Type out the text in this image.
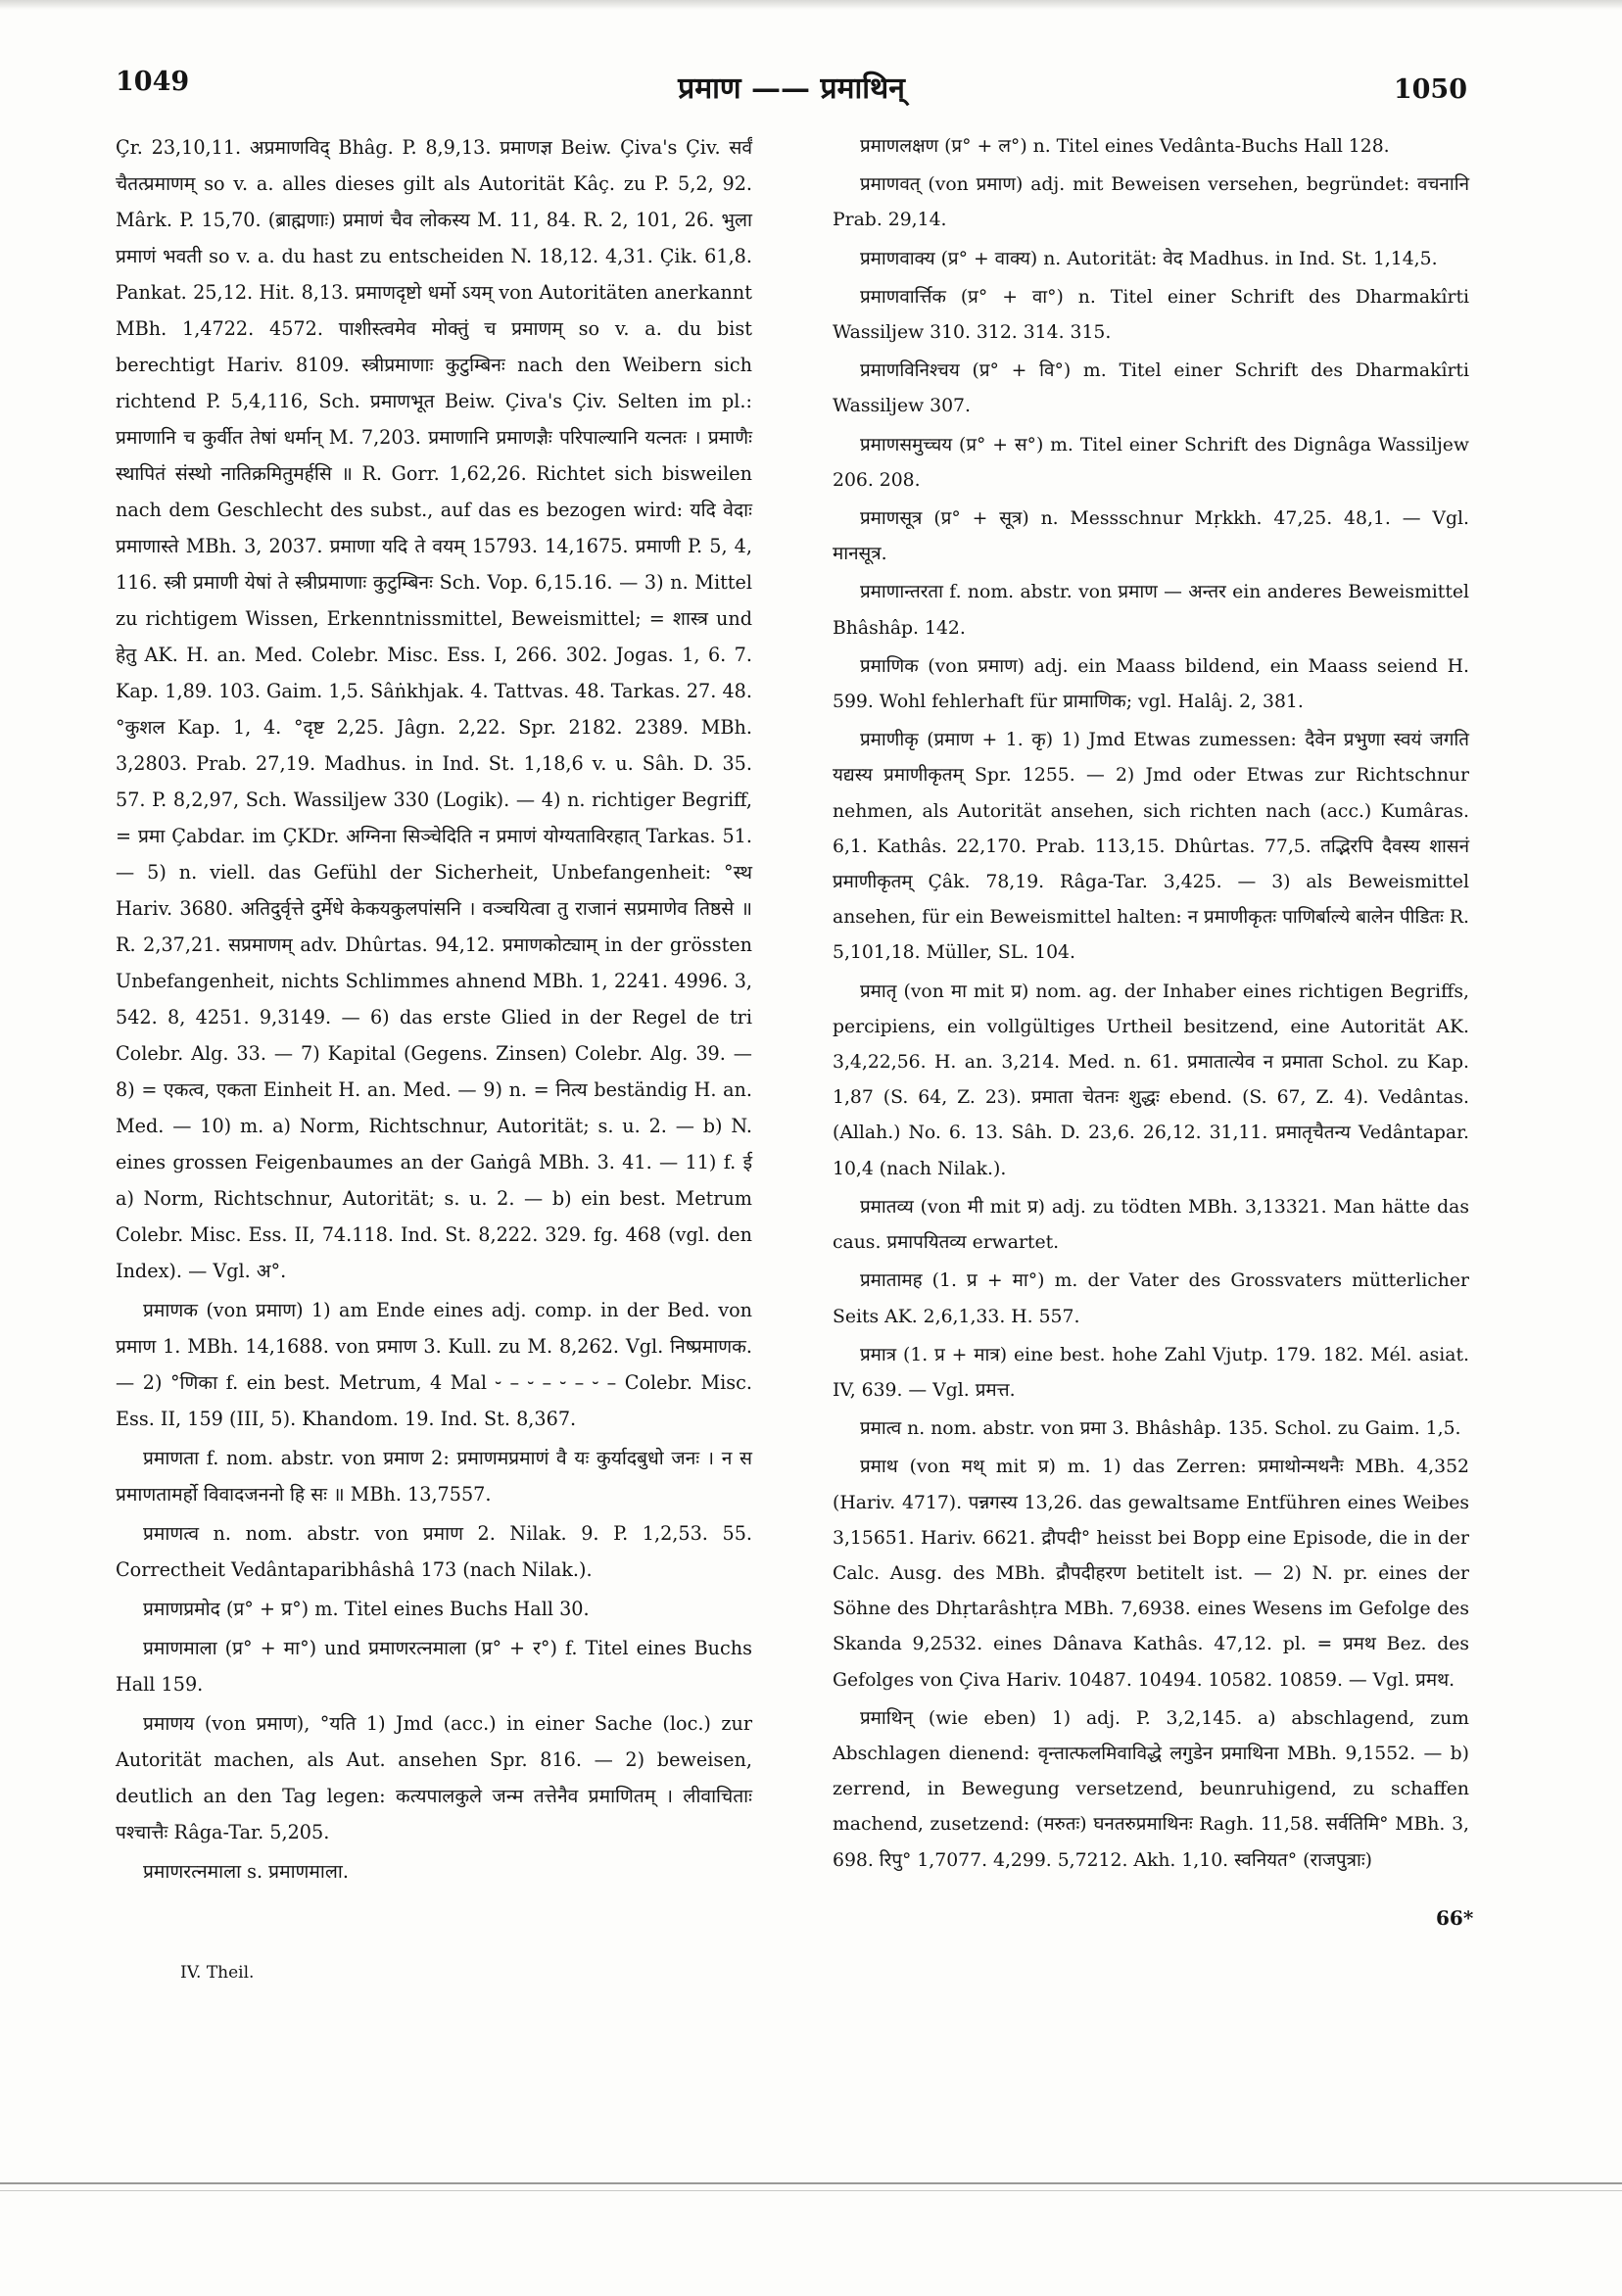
1049	प्रमाण —— प्रमाथिन्	1050

Çr. 23,10,11. अप्रमाणविद् Bhâg. P. 8,9,13. प्रमाणज्ञ Beiw. Çiva's Çiv. सर्वं चैतत्प्रमाणम् so v. a. alles dieses gilt als Autorität Kâç. zu P. 5,2, 92. Mârk. P. 15,70. (ब्राह्मणाः) प्रमाणं चैव लोकस्य M. 11, 84. R. 2, 101, 26. भुला प्रमाणं भवती so v. a. du hast zu entscheiden N. 18,12. 4,31. Çik. 61,8. Pankat. 25,12. Hit. 8,13. प्रमाणदृष्टो धर्मो ऽयम् von Autoritäten anerkannt MBh. 1,4722. 4572. पाशीस्त्वमेव मोक्तुं च प्रमाणम् so v. a. du bist berechtigt Hariv. 8109. स्त्रीप्रमाणाः कुटुम्बिनः nach den Weibern sich richtend P. 5,4,116, Sch. प्रमाणभूत Beiw. Çiva's Çiv. Selten im pl.: प्रमाणानि च कुर्वीत तेषां धर्मान् M. 7,203. प्रमाणानि प्रमाणज्ञैः परिपाल्यानि यत्नतः । प्रमाणैः स्थापितं संस्थो नातिक्रमितुमर्हसि ॥ R. Gorr. 1,62,26. Richtet sich bisweilen nach dem Geschlecht des subst., auf das es bezogen wird: यदि वेदाः प्रमाणास्ते MBh. 3, 2037. प्रमाणा यदि ते वयम् 15793. 14,1675. प्रमाणी P. 5, 4, 116. स्त्री प्रमाणी येषां ते स्त्रीप्रमाणाः कुटुम्बिनः Sch. Vop. 6,15.16. — 3) n. Mittel zu richtigem Wissen, Erkenntnissmittel, Beweismittel; = शास्त्र und हेतु AK. H. an. Med. Colebr. Misc. Ess. I, 266. 302. Jogas. 1, 6. 7. Kap. 1,89. 103. Gaim. 1,5. Sâṅkhjak. 4. Tattvas. 48. Tarkas. 27. 48. °कुशल Kap. 1, 4. °दृष्ट 2,25. Jâgn. 2,22. Spr. 2182. 2389. MBh. 3,2803. Prab. 27,19. Madhus. in Ind. St. 1,18,6 v. u. Sâh. D. 35. 57. P. 8,2,97, Sch. Wassiljew 330 (Logik). — 4) n. richtiger Begriff, = प्रमा Çabdar. im ÇKDr. अग्निना सिञ्चेदिति न प्रमाणं योग्यताविरहात् Tarkas. 51. — 5) n. viell. das Gefühl der Sicherheit, Unbefangenheit: °स्थ Hariv. 3680. अतिदुर्वृत्ते दुर्मेधे केकयकुलपांसनि । वञ्चयित्वा तु राजानं सप्रमाणेव तिष्ठसे ॥ R. 2,37,21. सप्रमाणम् adv. Dhûrtas. 94,12. प्रमाणकोट्याम् in der grössten Unbefangenheit, nichts Schlimmes ahnend MBh. 1, 2241. 4996. 3, 542. 8, 4251. 9,3149. — 6) das erste Glied in der Regel de tri Colebr. Alg. 33. — 7) Kapital (Gegens. Zinsen) Colebr. Alg. 39. — 8) = एकत्व, एकता Einheit H. an. Med. — 9) n. = नित्य beständig H. an. Med. — 10) m. a) Norm, Richtschnur, Autorität; s. u. 2. — b) N. eines grossen Feigenbaumes an der Gaṅgâ MBh. 3. 41. — 11) f. ई a) Norm, Richtschnur, Autorität; s. u. 2. — b) ein best. Metrum Colebr. Misc. Ess. II, 74.118. Ind. St. 8,222. 329. fg. 468 (vgl. den Index). — Vgl. अ°.

प्रमाणक (von प्रमाण) 1) am Ende eines adj. comp. in der Bed. von प्रमाण 1. MBh. 14,1688. von प्रमाण 3. Kull. zu M. 8,262. Vgl. निष्प्रमाणक. — 2) °णिका f. ein best. Metrum, 4 Mal ⏑ – ⏑ – ⏑ – ⏑ – Colebr. Misc. Ess. II, 159 (III, 5). Khandom. 19. Ind. St. 8,367.

प्रमाणता f. nom. abstr. von प्रमाण 2: प्रमाणमप्रमाणं वै यः कुर्यादबुधो जनः । न स प्रमाणतामर्हो विवादजननो हि सः ॥ MBh. 13,7557.

प्रमाणत्व n. nom. abstr. von प्रमाण 2. Nilak. 9. P. 1,2,53. 55. Correctheit Vedântaparibhâshâ 173 (nach Nilak.).

प्रमाणप्रमोद (प्र° + प्र°) m. Titel eines Buchs Hall 30.

प्रमाणमाला (प्र° + मा°) und प्रमाणरत्नमाला (प्र° + र°) f. Titel eines Buchs Hall 159.

प्रमाणय (von प्रमाण), °यति 1) Jmd (acc.) in einer Sache (loc.) zur Autorität machen, als Aut. ansehen Spr. 816. — 2) beweisen, deutlich an den Tag legen: कत्यपालकुले जन्म तत्तेनैव प्रमाणितम् । लीवाचिताः पश्चात्तैः Râga-Tar. 5,205.

प्रमाणरत्नमाला s. प्रमाणमाला.

प्रमाणलक्षण (प्र° + ल°) n. Titel eines Vedânta-Buchs Hall 128.

प्रमाणवत् (von प्रमाण) adj. mit Beweisen versehen, begründet: वचनानि Prab. 29,14.

प्रमाणवाक्य (प्र° + वाक्य) n. Autorität: वेद Madhus. in Ind. St. 1,14,5.

प्रमाणवार्त्तिक (प्र° + वा°) n. Titel einer Schrift des Dharmakîrti Wassiljew 310. 312. 314. 315.

प्रमाणविनिश्चय (प्र° + वि°) m. Titel einer Schrift des Dharmakîrti Wassiljew 307.

प्रमाणसमुच्चय (प्र° + स°) m. Titel einer Schrift des Dignâga Wassiljew 206. 208.

प्रमाणसूत्र (प्र° + सूत्र) n. Messschnur Mṛkkh. 47,25. 48,1. — Vgl. मानसूत्र.

प्रमाणान्तरता f. nom. abstr. von प्रमाण — अन्तर ein anderes Beweismittel Bhâshâp. 142.

प्रमाणिक (von प्रमाण) adj. ein Maass bildend, ein Maass seiend H. 599. Wohl fehlerhaft für प्रामाणिक; vgl. Halâj. 2, 381.

प्रमाणीकृ (प्रमाण + 1. कृ) 1) Jmd Etwas zumessen: दैवेन प्रभुणा स्वयं जगति यद्यस्य प्रमाणीकृतम् Spr. 1255. — 2) Jmd oder Etwas zur Richtschnur nehmen, als Autorität ansehen, sich richten nach (acc.) Kumâras. 6,1. Kathâs. 22,170. Prab. 113,15. Dhûrtas. 77,5. तद्भिरपि दैवस्य शासनं प्रमाणीकृतम् Çâk. 78,19. Râga-Tar. 3,425. — 3) als Beweismittel ansehen, für ein Beweismittel halten: न प्रमाणीकृतः पाणिर्बाल्ये बालेन पीडितः R. 5,101,18. Müller, SL. 104.

प्रमातृ (von मा mit प्र) nom. ag. der Inhaber eines richtigen Begriffs, percipiens, ein vollgültiges Urtheil besitzend, eine Autorität AK. 3,4,22,56. H. an. 3,214. Med. n. 61. प्रमातात्येव न प्रमाता Schol. zu Kap. 1,87 (S. 64, Z. 23). प्रमाता चेतनः शुद्धः ebend. (S. 67, Z. 4). Vedântas. (Allah.) No. 6. 13. Sâh. D. 23,6. 26,12. 31,11. प्रमातृचैतन्य Vedântapar. 10,4 (nach Nilak.).

प्रमातव्य (von मी mit प्र) adj. zu tödten MBh. 3,13321. Man hätte das caus. प्रमापयितव्य erwartet.

प्रमातामह (1. प्र + मा°) m. der Vater des Grossvaters mütterlicher Seits AK. 2,6,1,33. H. 557.

प्रमात्र (1. प्र + मात्र) eine best. hohe Zahl Vjutp. 179. 182. Mél. asiat. IV, 639. — Vgl. प्रमत्त.

प्रमात्व n. nom. abstr. von प्रमा 3. Bhâshâp. 135. Schol. zu Gaim. 1,5.

प्रमाथ (von मथ् mit प्र) m. 1) das Zerren: प्रमाथोन्मथनैः MBh. 4,352 (Hariv. 4717). पन्नगस्य 13,26. das gewaltsame Entführen eines Weibes 3,15651. Hariv. 6621. द्रौपदी° heisst bei Bopp eine Episode, die in der Calc. Ausg. des MBh. द्रौपदीहरण betitelt ist. — 2) N. pr. eines der Söhne des Dhṛtarâshṭra MBh. 7,6938. eines Wesens im Gefolge des Skanda 9,2532. eines Dânava Kathâs. 47,12. pl. = प्रमथ Bez. des Gefolges von Çiva Hariv. 10487. 10494. 10582. 10859. — Vgl. प्रमथ.

प्रमाथिन् (wie eben) 1) adj. P. 3,2,145. a) abschlagend, zum Abschlagen dienend: वृन्तात्फलमिवाविद्धे लगुडेन प्रमाथिना MBh. 9,1552. — b) zerrend, in Bewegung versetzend, beunruhigend, zu schaffen machend, zusetzend: (मरुतः) घनतरुप्रमाथिनः Ragh. 11,58. सर्वतिमि° MBh. 3, 698. रिपु° 1,7077. 4,299. 5,7212. Akh. 1,10. स्वनियत° (राजपुत्राः)

IV. Theil.
66*
